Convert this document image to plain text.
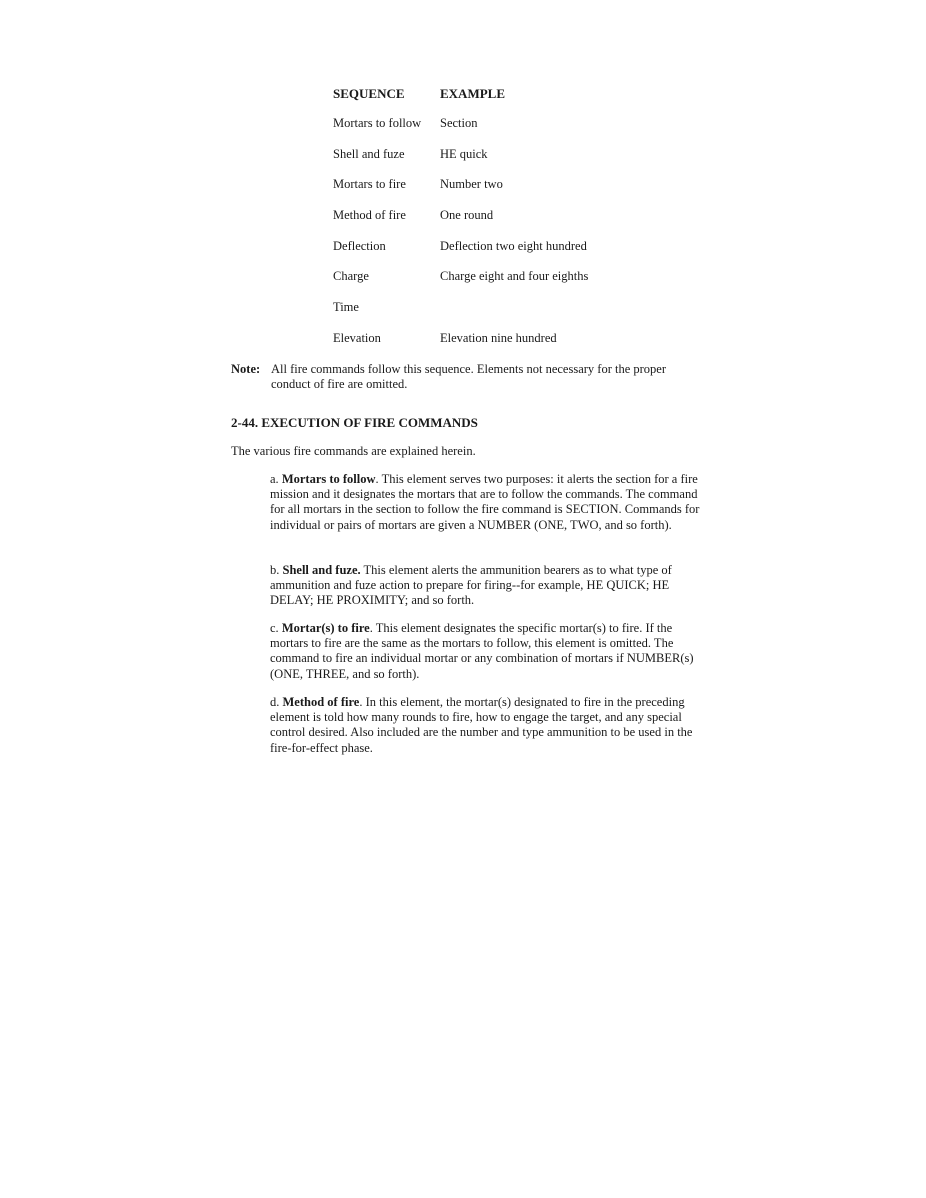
SEQUENCE	EXAMPLE
Mortars to follow	Section
Shell and fuze	HE quick
Mortars to fire	Number two
Method of fire	One round
Deflection	Deflection two eight hundred
Charge	Charge eight and four eighths
Time	
Elevation	Elevation nine hundred
Note: All fire commands follow this sequence. Elements not necessary for the proper conduct of fire are omitted.
2-44. EXECUTION OF FIRE COMMANDS
The various fire commands are explained herein.
a. Mortars to follow. This element serves two purposes: it alerts the section for a fire mission and it designates the mortars that are to follow the commands. The command for all mortars in the section to follow the fire command is SECTION. Commands for individual or pairs of mortars are given a NUMBER (ONE, TWO, and so forth).
b. Shell and fuze. This element alerts the ammunition bearers as to what type of ammunition and fuze action to prepare for firing--for example, HE QUICK; HE DELAY; HE PROXIMITY; and so forth.
c. Mortar(s) to fire. This element designates the specific mortar(s) to fire. If the mortars to fire are the same as the mortars to follow, this element is omitted. The command to fire an individual mortar or any combination of mortars if NUMBER(s) (ONE, THREE, and so forth).
d. Method of fire. In this element, the mortar(s) designated to fire in the preceding element is told how many rounds to fire, how to engage the target, and any special control desired. Also included are the number and type ammunition to be used in the fire-for-effect phase.
